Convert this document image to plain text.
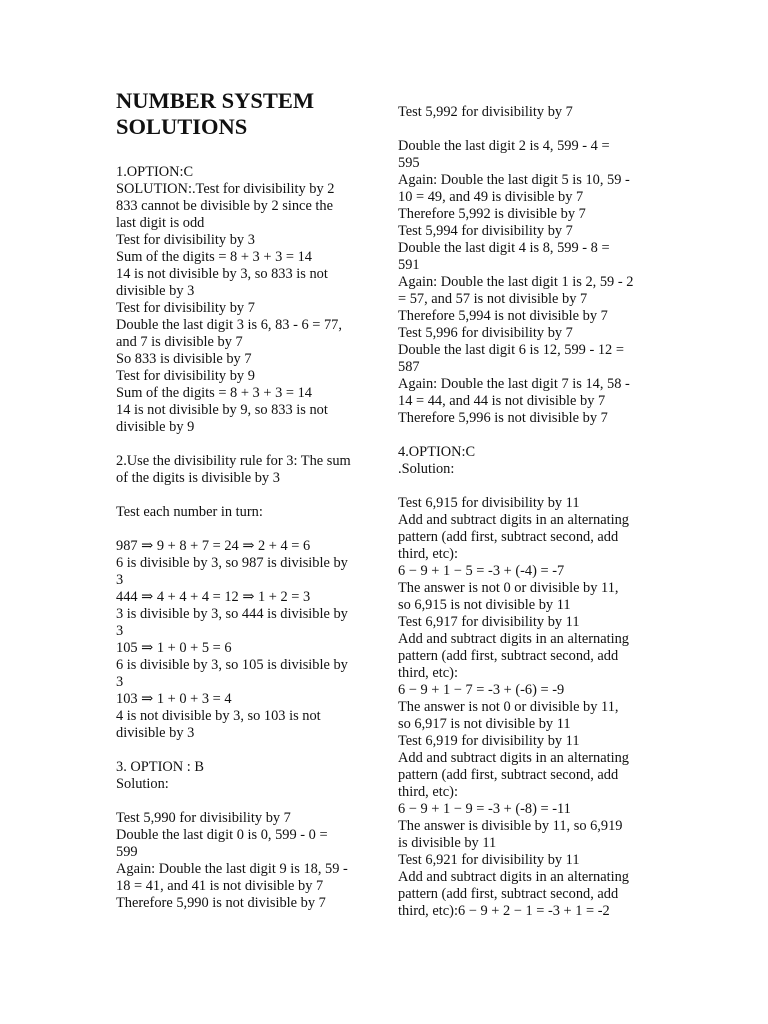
NUMBER SYSTEM
SOLUTIONS
1.OPTION:C
SOLUTION:.Test for divisibility by 2
833 cannot be divisible by 2 since the
last digit is odd
Test for divisibility by 3
Sum of the digits = 8 + 3 + 3 = 14
14 is not divisible by 3, so 833 is not
divisible by 3
Test for divisibility by 7
Double the last digit 3 is 6, 83 - 6 = 77,
and 7 is divisible by 7
So 833 is divisible by 7
Test for divisibility by 9
Sum of the digits = 8 + 3 + 3 = 14
14 is not divisible by 9, so 833 is not
divisible by 9
2.Use the divisibility rule for 3: The sum
of the digits is divisible by 3
Test each number in turn:
987 ⇒ 9 + 8 + 7 = 24 ⇒ 2 + 4 = 6
6 is divisible by 3, so 987 is divisible by
3
444 ⇒ 4 + 4 + 4 = 12 ⇒ 1 + 2 = 3
3 is divisible by 3, so 444 is divisible by
3
105 ⇒ 1 + 0 + 5 = 6
6 is divisible by 3, so 105 is divisible by
3
103 ⇒ 1 + 0 + 3 = 4
4 is not divisible by 3, so 103 is not
divisible by 3
3. OPTION : B
Solution:
Test 5,990 for divisibility by 7
Double the last digit 0 is 0, 599 - 0 =
599
Again: Double the last digit 9 is 18, 59 -
18 = 41, and 41 is not divisible by 7
Therefore 5,990 is not divisible by 7
Test 5,992 for divisibility by 7
Double the last digit 2 is 4, 599 - 4 =
595
Again: Double the last digit 5 is 10, 59 -
10 = 49, and 49 is divisible by 7
Therefore 5,992 is divisible by 7
Test 5,994 for divisibility by 7
Double the last digit 4 is 8, 599 - 8 =
591
Again: Double the last digit 1 is 2, 59 - 2
= 57, and 57 is not divisible by 7
Therefore 5,994 is not divisible by 7
Test 5,996 for divisibility by 7
Double the last digit 6 is 12, 599 - 12 =
587
Again: Double the last digit 7 is 14, 58 -
14 = 44, and 44 is not divisible by 7
Therefore 5,996 is not divisible by 7
4.OPTION:C
.Solution:
Test 6,915 for divisibility by 11
Add and subtract digits in an alternating
pattern (add first, subtract second, add
third, etc):
6 − 9 + 1 − 5 = -3 + (-4) = -7
The answer is not 0 or divisible by 11,
so 6,915 is not divisible by 11
Test 6,917 for divisibility by 11
Add and subtract digits in an alternating
pattern (add first, subtract second, add
third, etc):
6 − 9 + 1 − 7 = -3 + (-6) = -9
The answer is not 0 or divisible by 11,
so 6,917 is not divisible by 11
Test 6,919 for divisibility by 11
Add and subtract digits in an alternating
pattern (add first, subtract second, add
third, etc):
6 − 9 + 1 − 9 = -3 + (-8) = -11
The answer is divisible by 11, so 6,919
is divisible by 11
Test 6,921 for divisibility by 11
Add and subtract digits in an alternating
pattern (add first, subtract second, add
third, etc):6 − 9 + 2 − 1 = -3 + 1 = -2
